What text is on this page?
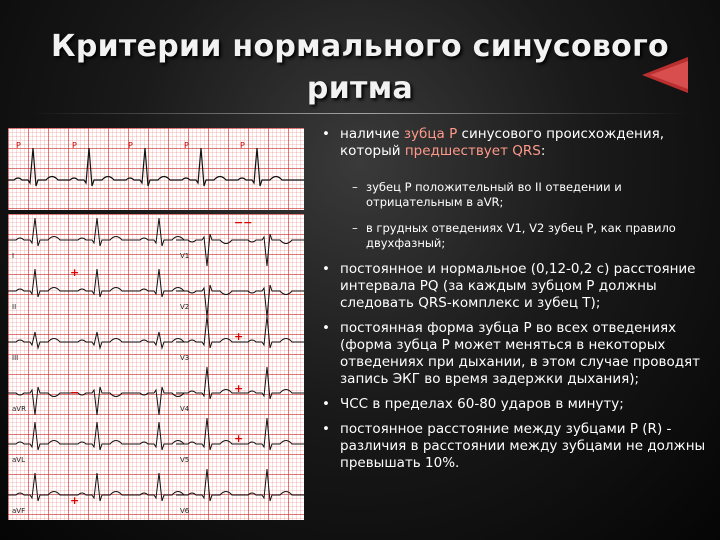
Критерии нормального синусового ритма
P	P	P	P	P
I	V1
II	V2
III	V3
aVR	V4
aVL	V5
aVF	V6
+
−−
+
+
+
+
−
• наличие зубца Р синусового происхождения, который предшествует QRS:
– зубец Р положительный во II отведении и отрицательным в aVR;
– в грудных отведениях V1, V2 зубец Р, как правило двухфазный;
• постоянное и нормальное (0,12-0,2 с) расстояние интервала PQ (за каждым зубцом Р должны следовать QRS-комплекс и зубец Т);
• постоянная форма зубца Р во всех отведениях (форма зубца Р может меняться в некоторых отведениях при дыхании, в этом случае проводят запись ЭКГ во время задержки дыхания);
• ЧСС в пределах 60-80 ударов в минуту;
• постоянное расстояние между зубцами Р (R) - различия в расстоянии между зубцами не должны превышать 10%.
